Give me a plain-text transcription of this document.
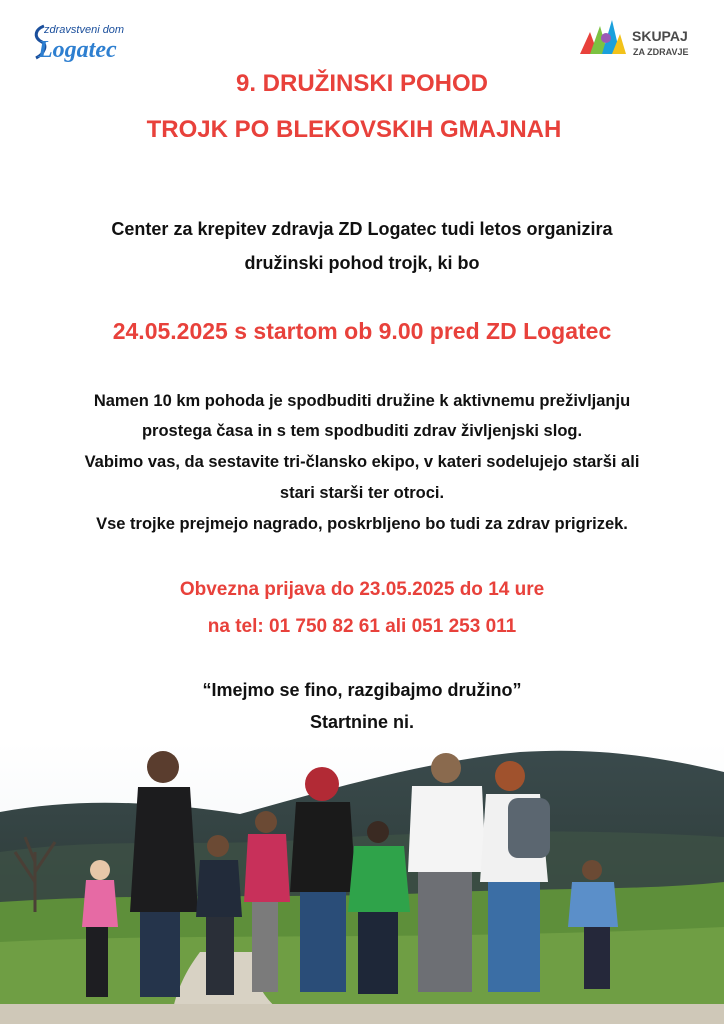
zdravstveni dom
Logatec
SKUPAJ
ZA ZDRAVJE
9. DRUŽINSKI POHOD
TROJK PO BLEKOVSKIH GMAJNAH
Center za krepitev zdravja ZD Logatec tudi letos organizira
družinski pohod trojk, ki bo
24.05.2025 s startom ob 9.00 pred ZD Logatec
Namen 10 km pohoda je spodbuditi družine k aktivnemu preživljanju
prostega časa in s tem spodbuditi zdrav življenjski slog.
Vabimo vas, da sestavite tri-člansko ekipo, v kateri sodelujejo starši ali
stari starši ter otroci.
Vse trojke prejmejo nagrado, poskrbljeno bo tudi za zdrav prigrizek.
Obvezna prijava do 23.05.2025 do 14 ure
na tel: 01 750 82 61 ali 051 253 011
“Imejmo se fino, razgibajmo družino”
Startnine ni.
